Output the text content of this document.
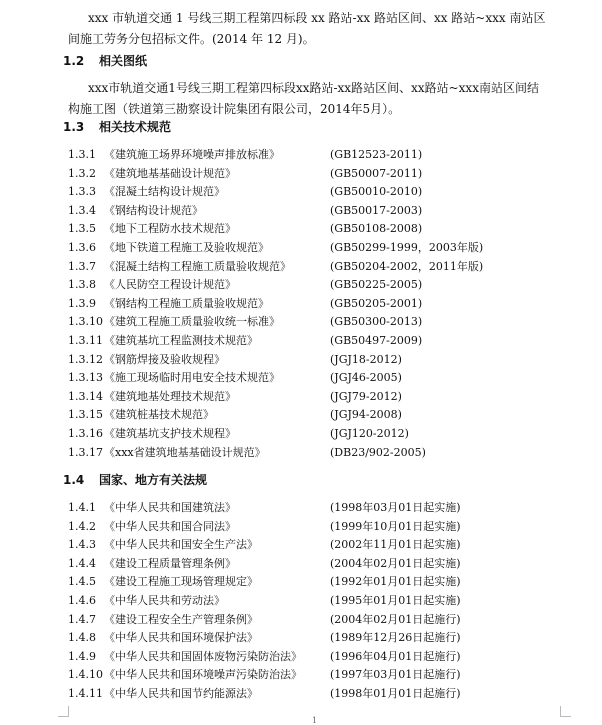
xxx 市轨道交通 1 号线三期工程第四标段 xx 路站-xx 路站区间、xx 路站~xxx 南站区
间施工劳务分包招标文件。(2014 年 12 月)。
1.2 相关图纸
xxx市轨道交通1号线三期工程第四标段xx路站-xx路站区间、xx路站~xxx南站区间结
构施工图（铁道第三勘察设计院集团有限公司，2014年5月）。
1.3 相关技术规范
1.3.1 《建筑施工场界环境噪声排放标准》	(GB12523-2011)
1.3.2 《建筑地基基础设计规范》	(GB50007-2011)
1.3.3 《混凝土结构设计规范》	(GB50010-2010)
1.3.4 《钢结构设计规范》	(GB50017-2003)
1.3.5 《地下工程防水技术规范》	(GB50108-2008)
1.3.6 《地下铁道工程施工及验收规范》	(GB50299-1999，2003年版)
1.3.7 《混凝土结构工程施工质量验收规范》	(GB50204-2002，2011年版)
1.3.8 《人民防空工程设计规范》	(GB50225-2005)
1.3.9 《钢结构工程施工质量验收规范》	(GB50205-2001)
1.3.10 《建筑工程施工质量验收统一标准》	(GB50300-2013)
1.3.11 《建筑基坑工程监测技术规范》	(GB50497-2009)
1.3.12 《钢筋焊接及验收规程》	(JGJ18-2012)
1.3.13 《施工现场临时用电安全技术规范》	(JGJ46-2005)
1.3.14 《建筑地基处理技术规范》	(JGJ79-2012)
1.3.15 《建筑桩基技术规范》	(JGJ94-2008)
1.3.16 《建筑基坑支护技术规程》	(JGJ120-2012)
1.3.17 《xxx省建筑地基基础设计规范》	(DB23/902-2005)
1.4 国家、地方有关法规
1.4.1 《中华人民共和国建筑法》	(1998年03月01日起实施)
1.4.2 《中华人民共和国合同法》	(1999年10月01日起实施)
1.4.3 《中华人民共和国安全生产法》	(2002年11月01日起实施)
1.4.4 《建设工程质量管理条例》	(2004年02月01日起实施)
1.4.5 《建设工程施工现场管理规定》	(1992年01月01日起实施)
1.4.6 《中华人民共和劳动法》	(1995年01月01日起实施)
1.4.7 《建设工程安全生产管理条例》	(2004年02月01日起施行)
1.4.8 《中华人民共和国环境保护法》	(1989年12月26日起施行)
1.4.9 《中华人民共和国固体废物污染防治法》	(1996年04月01日起施行)
1.4.10 《中华人民共和国环境噪声污染防治法》	(1997年03月01日起施行)
1.4.11 《中华人民共和国节约能源法》	(1998年01月01日起施行)
1
